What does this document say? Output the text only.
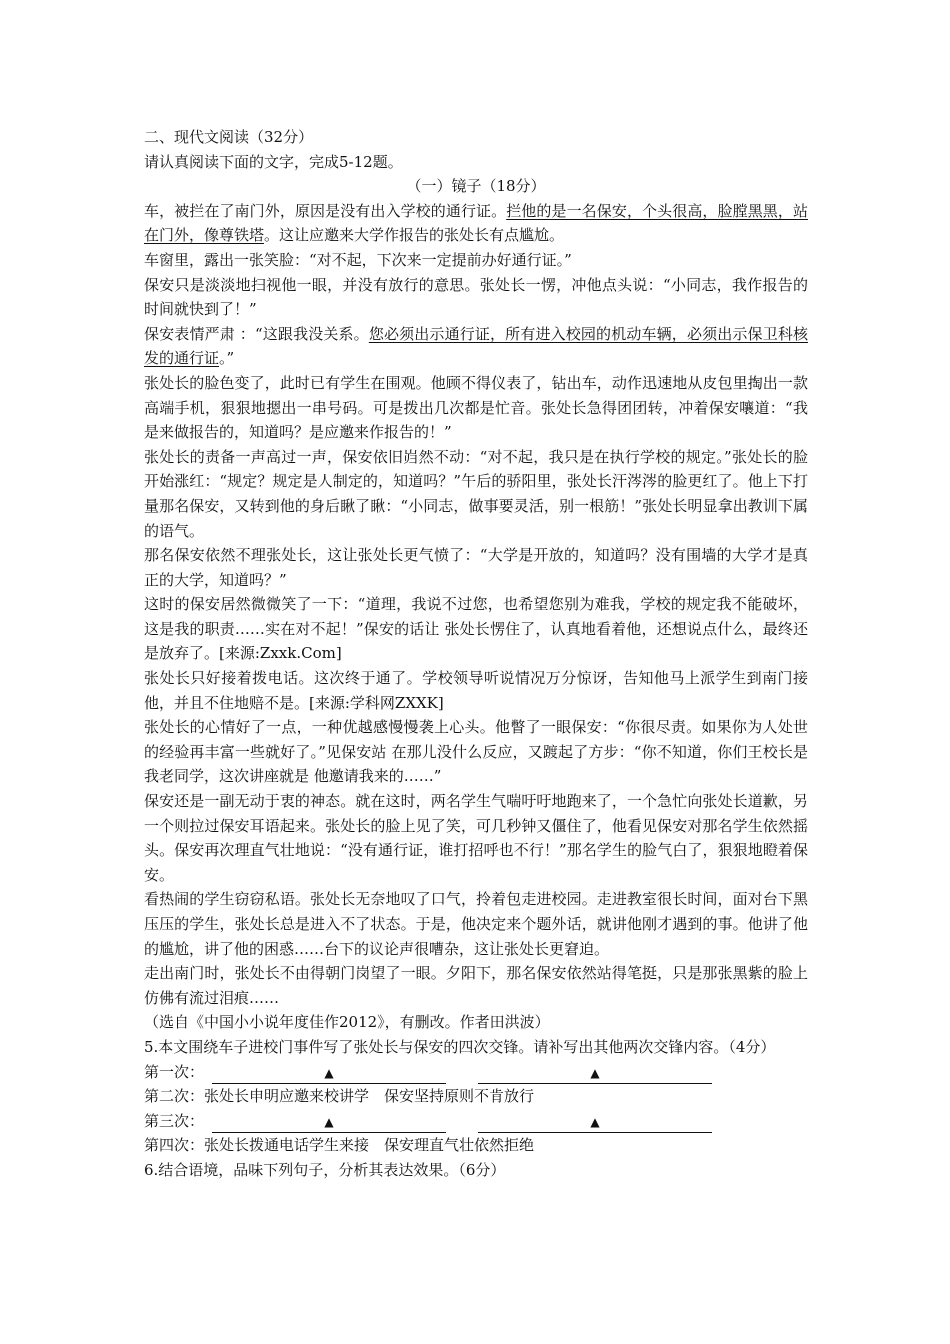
二、现代文阅读（32分）
请认真阅读下面的文字，完成5-12题。
（一）镜子（18分）
车，被拦在了南门外，原因是没有出入学校的通行证。拦他的是一名保安，个头很高，脸膛黑黑，站在门外，像尊铁塔。这让应邀来大学作报告的张处长有点尴尬。
车窗里，露出一张笑脸：“对不起，下次来一定提前办好通行证。”
保安只是淡淡地扫视他一眼，并没有放行的意思。张处长一愣，冲他点头说：“小同志，我作报告的时间就快到了！”
保安表情严肃 ：“这跟我没关系。您必须出示通行证，所有进入校园的机动车辆，必须出示保卫科核发的通行证。”
张处长的脸色变了，此时已有学生在围观。他顾不得仪表了，钻出车，动作迅速地从皮包里掏出一款高端手机，狠狠地摁出一串号码。可是拨出几次都是忙音。张处长急得团团转，冲着保安嚷道：“我是来做报告的，知道吗？是应邀来作报告的！”
张处长的责备一声高过一声，保安依旧岿然不动：“对不起，我只是在执行学校的规定。”张处长的脸开始涨红：“规定？规定是人制定的，知道吗？”午后的骄阳里，张处长汗涔涔的脸更红了。他上下打量那名保安，又转到他的身后瞅了瞅：“小同志，做事要灵活，别一根筋！”张处长明显拿出教训下属的语气。
那名保安依然不理张处长，这让张处长更气愤了：“大学是开放的，知道吗？没有围墙的大学才是真正的大学，知道吗？”
这时的保安居然微微笑了一下：“道理，我说不过您，也希望您别为难我，学校的规定我不能破坏，这是我的职责……实在对不起！”保安的话让 张处长愣住了，认真地看着他，还想说点什么，最终还是放弃了。[来源:Zxxk.Com]
张处长只好接着拨电话。这次终于通了。学校领导听说情况万分惊讶，告知他马上派学生到南门接他，并且不住地赔不是。[来源:学科网ZXXK]
张处长的心情好了一点，一种优越感慢慢袭上心头。他瞥了一眼保安：“你很尽责。如果你为人处世的经验再丰富一些就好了。”见保安站 在那儿没什么反应，又踱起了方步：“你不知道，你们王校长是我老同学，这次讲座就是 他邀请我来的……”
保安还是一副无动于衷的神态。就在这时，两名学生气喘吁吁地跑来了，一个急忙向张处长道歉，另一个则拉过保安耳语起来。张处长的脸上见了笑，可几秒钟又僵住了，他看见保安对那名学生依然摇头。保安再次理直气壮地说：“没有通行证，谁打招呼也不行！”那名学生的脸气白了，狠狠地瞪着保安。
看热闹的学生窃窃私语。张处长无奈地叹了口气，拎着包走进校园。走进教室很长时间，面对台下黑压压的学生，张处长总是进入不了状态。于是，他决定来个题外话，就讲他刚才遇到的事。他讲了他的尴尬，讲了他的困惑……台下的议论声很嘈杂，这让张处长更窘迫。
走出南门时，张处长不由得朝门岗望了一眼。夕阳下，那名保安依然站得笔挺，只是那张黑紫的脸上仿佛有流过泪痕……
（选自《中国小小说年度佳作2012》，有删改。作者田洪波）
5.本文围绕车子进校门事件写了张处长与保安的四次交锋。请补写出其他两次交锋内容。（4分）
第一次：	▲	▲
第二次：张处长申明应邀来校讲学　保安坚持原则不肯放行
第三次：	▲	▲
第四次：张处长拨通电话学生来接　保安理直气壮依然拒绝
6.结合语境，品味下列句子，分析其表达效果。（6分）
